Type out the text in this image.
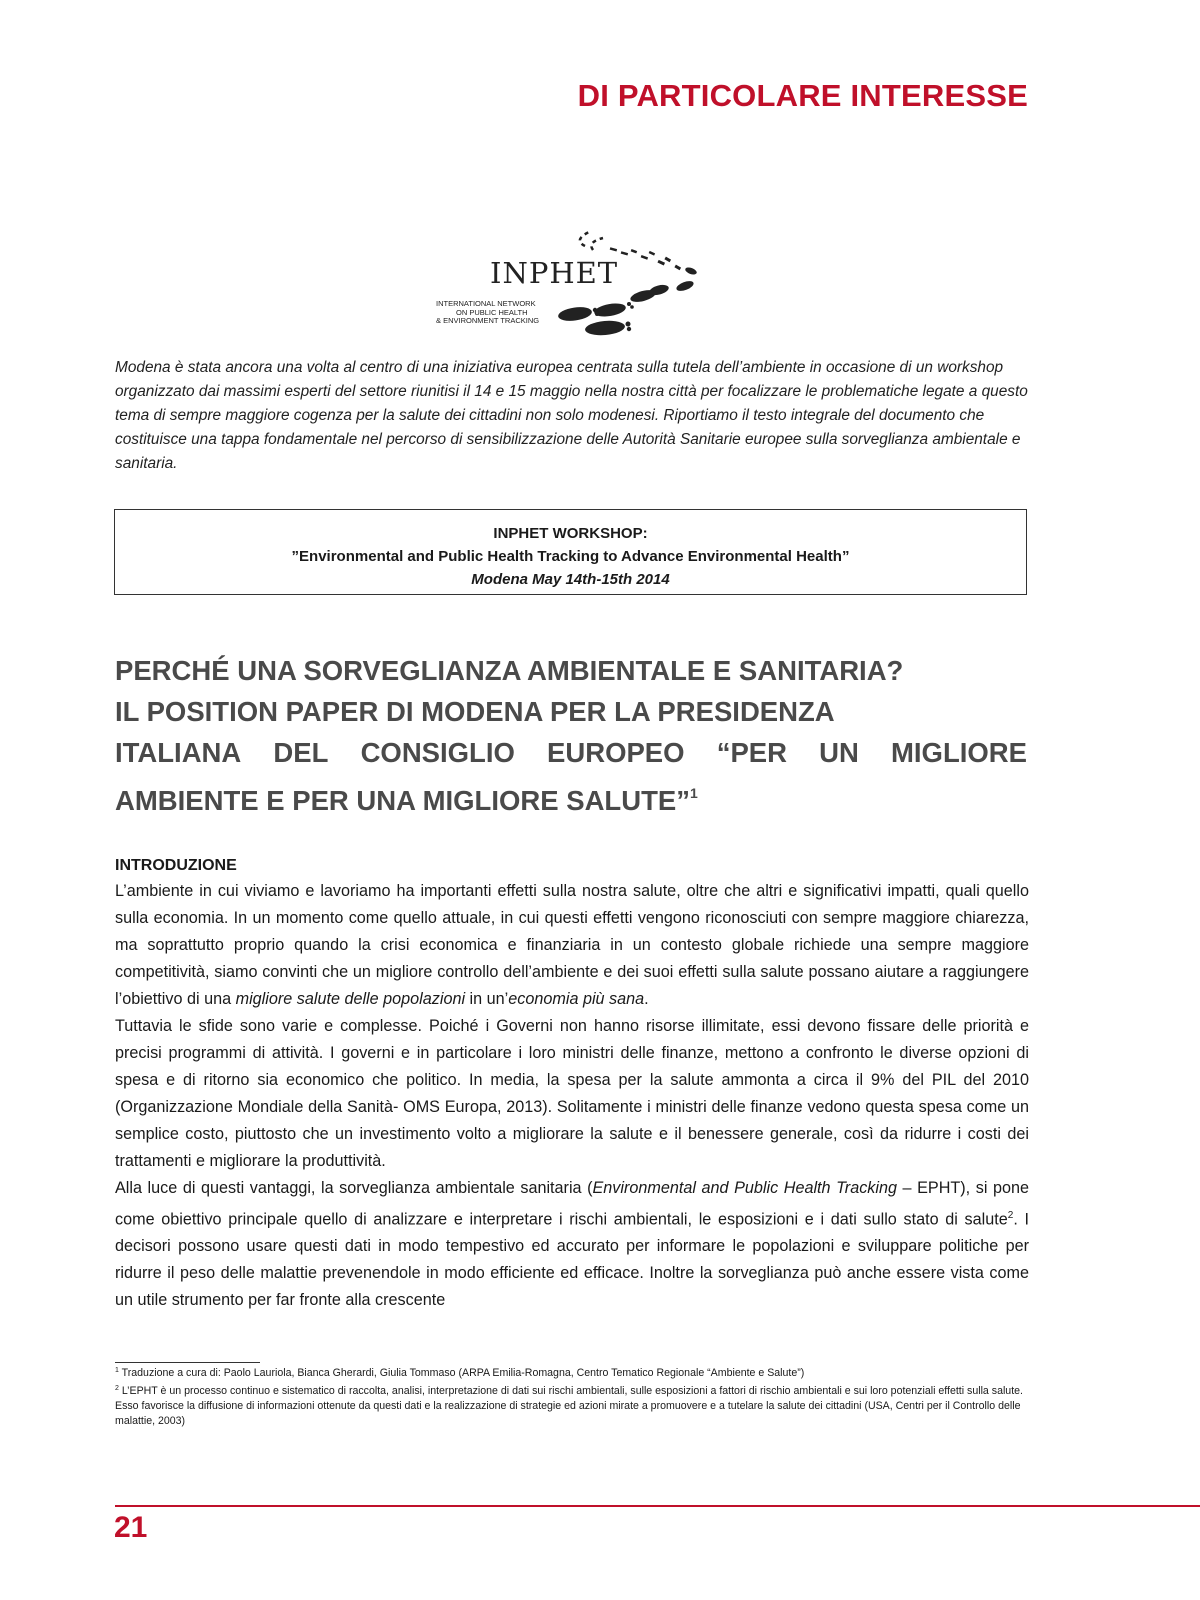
DI PARTICOLARE INTERESSE
INPHET
INTERNATIONAL NETWORK
ON PUBLIC HEALTH
& ENVIRONMENT TRACKING
Modena è stata ancora una volta al centro di una iniziativa europea centrata sulla tutela dell’ambiente in occasione di un workshop organizzato dai massimi esperti del settore riunitisi il 14 e 15 maggio nella nostra città per focalizzare le problematiche legate a questo tema di sempre maggiore cogenza per la salute dei cittadini non solo modenesi. Riportiamo il testo integrale del documento che costituisce una tappa fondamentale nel percorso di sensibilizzazione delle Autorità Sanitarie europee sulla sorveglianza ambientale e sanitaria.
INPHET WORKSHOP:
”Environmental and Public Health Tracking to Advance Environmental Health”
Modena May 14th-15th 2014
PERCHÉ UNA SORVEGLIANZA AMBIENTALE E SANITARIA?
IL POSITION PAPER DI MODENA PER LA PRESIDENZA
ITALIANA DEL CONSIGLIO EUROPEO “PER UN MIGLIORE
AMBIENTE E PER UNA MIGLIORE SALUTE”$^1$
INTRODUZIONE

L’ambiente in cui viviamo e lavoriamo ha importanti effetti sulla nostra salute, oltre che altri e significativi impatti, quali quello sulla economia. In un momento come quello attuale, in cui questi effetti vengono riconosciuti con sempre maggiore chiarezza, ma soprattutto proprio quando la crisi economica e finanziaria in un contesto globale richiede una sempre maggiore competitività, siamo convinti che un migliore controllo dell’ambiente e dei suoi effetti sulla salute possano aiutare a raggiungere l’obiettivo di una migliore salute delle popolazioni in un’economia più sana.

Tuttavia le sfide sono varie e complesse. Poiché i Governi non hanno risorse illimitate, essi devono fissare delle priorità e precisi programmi di attività. I governi e in particolare i loro ministri delle finanze, mettono a confronto le diverse opzioni di spesa e di ritorno sia economico che politico. In media, la spesa per la salute ammonta a circa il 9% del PIL del 2010 (Organizzazione Mondiale della Sanità- OMS Europa, 2013). Solitamente i ministri delle finanze vedono questa spesa come un semplice costo, piuttosto che un investimento volto a migliorare la salute e il benessere generale, così da ridurre i costi dei trattamenti e migliorare la produttività.

Alla luce di questi vantaggi, la sorveglianza ambientale sanitaria (Environmental and Public Health Tracking – EPHT), si pone come obiettivo principale quello di analizzare e interpretare i rischi ambientali, le esposizioni e i dati sullo stato di salute$^2$. I decisori possono usare questi dati in modo tempestivo ed accurato per informare le popolazioni e sviluppare politiche per ridurre il peso delle malattie prevenendole in modo efficiente ed efficace. Inoltre la sorveglianza può anche essere vista come un utile strumento per far fronte alla crescente

$^1$ Traduzione a cura di: Paolo Lauriola, Bianca Gherardi, Giulia Tommaso (ARPA Emilia-Romagna, Centro Tematico Regionale “Ambiente e Salute”)

$^2$ L’EPHT è un processo continuo e sistematico di raccolta, analisi, interpretazione di dati sui rischi ambientali, sulle esposizioni a fattori di rischio ambientali e sui loro potenziali effetti sulla salute. Esso favorisce la diffusione di informazioni ottenute da questi dati e la realizzazione di strategie ed azioni mirate a promuovere e a tutelare la salute dei cittadini (USA, Centri per il Controllo delle malattie, 2003)

21
